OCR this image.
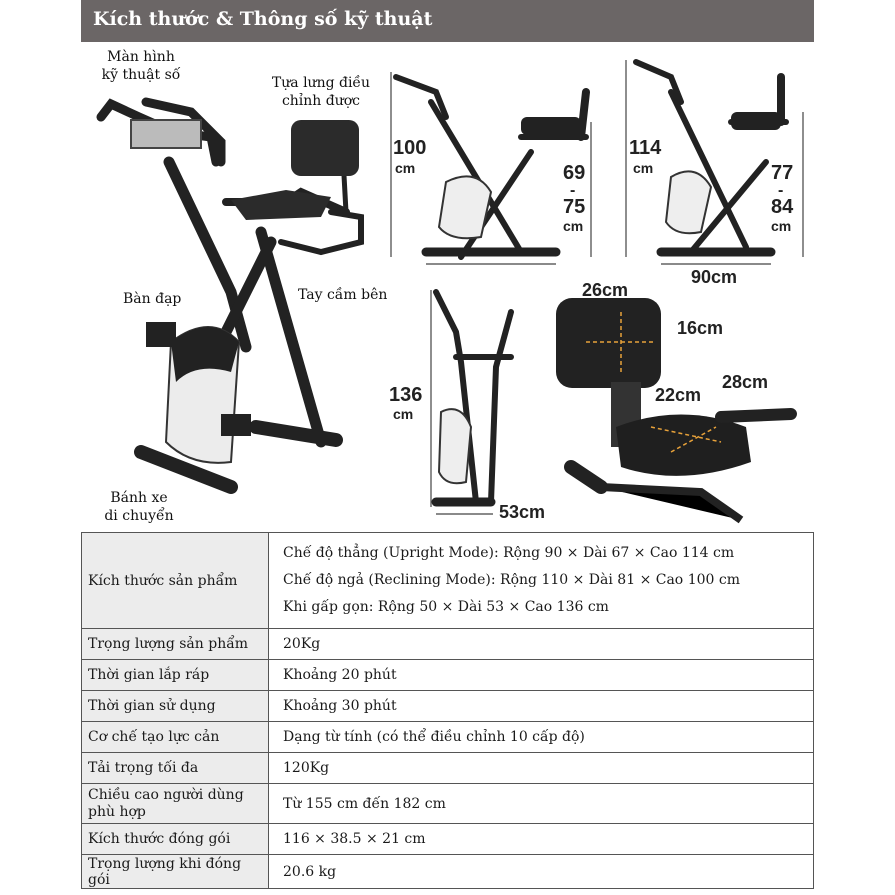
Kích thước & Thông số kỹ thuật
Màn hình
kỹ thuật số	Tựa lưng điều
chỉnh được
Bàn đạp	Tay cầm bên
Bánh xe
di chuyển
100
cm	69
-
75
cm
114
cm	77
-
84
cm
90cm
136
cm
53cm
26cm
16cm
22cm
28cm
Kích thước sản phẩm	Chế độ thẳng (Upright Mode): Rộng 90 × Dài 67 × Cao 114 cm
Chế độ ngả (Reclining Mode): Rộng 110 × Dài 81 × Cao 100 cm
Khi gấp gọn: Rộng 50 × Dài 53 × Cao 136 cm

Trọng lượng sản phẩm	20Kg
Thời gian lắp ráp	Khoảng 20 phút
Thời gian sử dụng	Khoảng 30 phút
Cơ chế tạo lực cản	Dạng từ tính (có thể điều chỉnh 10 cấp độ)
Tải trọng tối đa	120Kg
Chiều cao người dùng phù hợp	Từ 155 cm đến 182 cm
Kích thước đóng gói	116 × 38.5 × 21 cm
Trọng lượng khi đóng gói	20.6 kg
